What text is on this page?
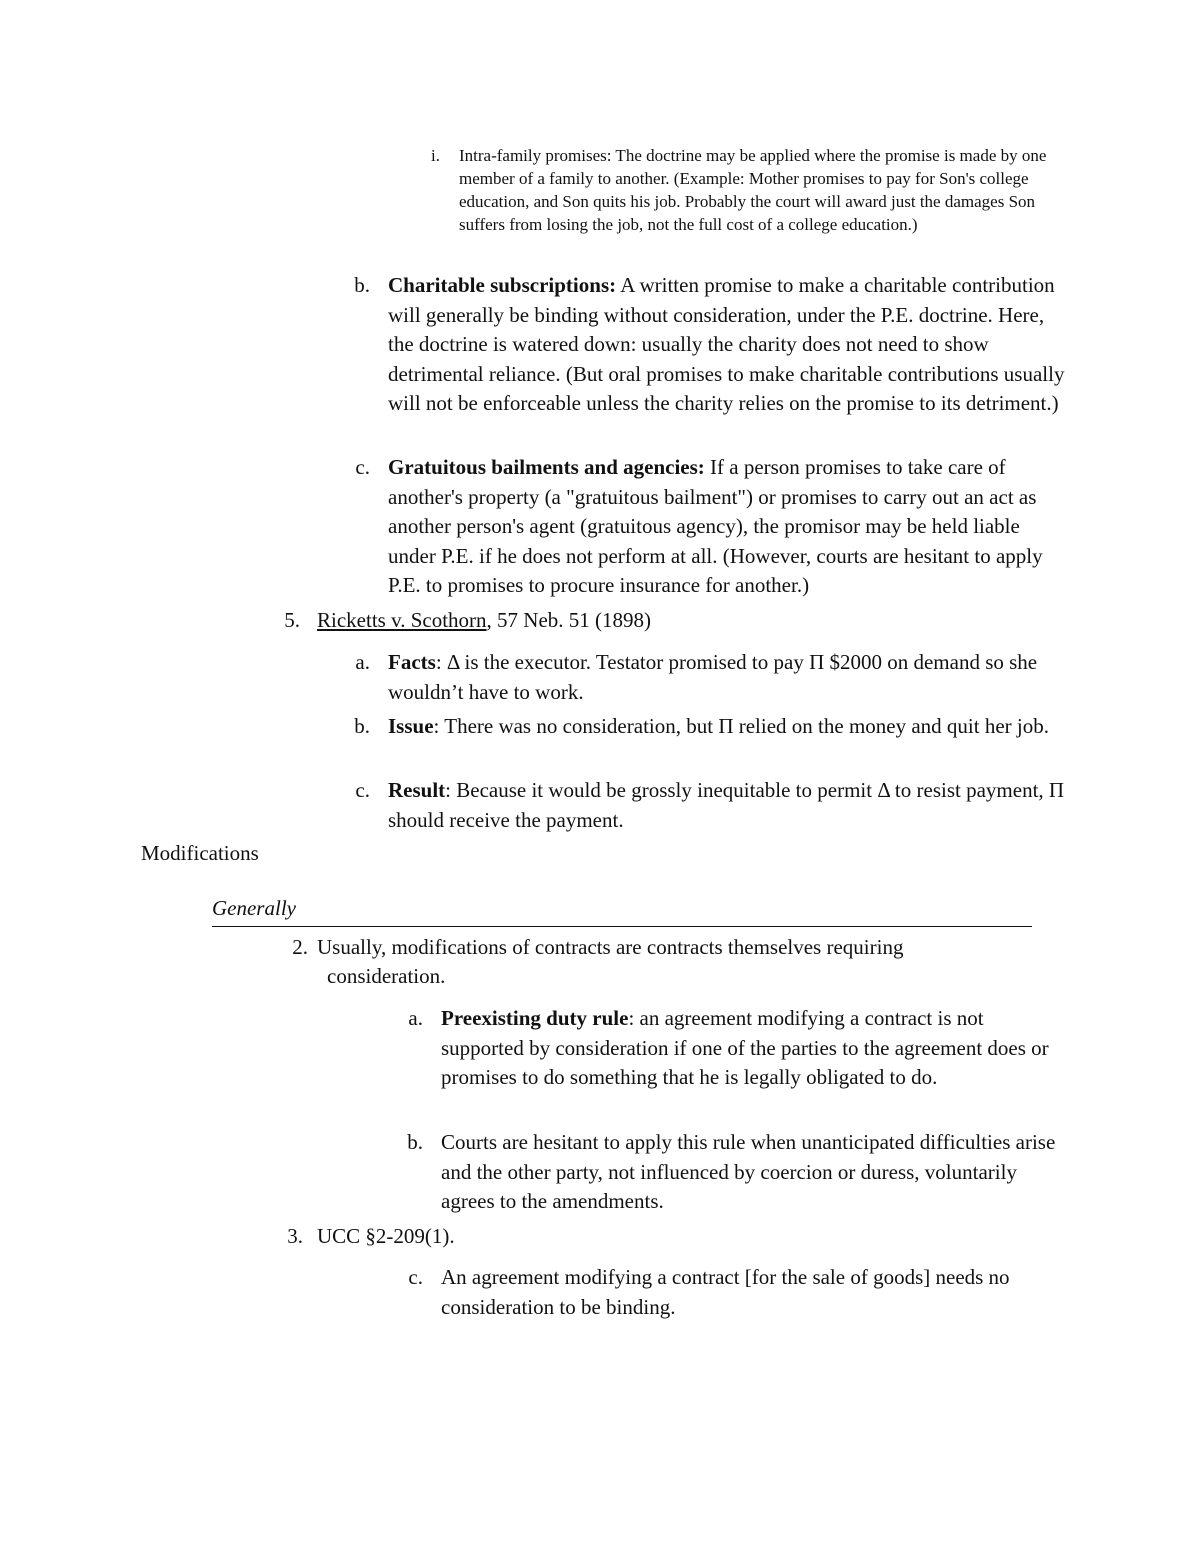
i. Intra-family promises: The doctrine may be applied where the promise is made by one member of a family to another. (Example: Mother promises to pay for Son's college education, and Son quits his job. Probably the court will award just the damages Son suffers from losing the job, not the full cost of a college education.)
b. Charitable subscriptions: A written promise to make a charitable contribution will generally be binding without consideration, under the P.E. doctrine. Here, the doctrine is watered down: usually the charity does not need to show detrimental reliance. (But oral promises to make charitable contributions usually will not be enforceable unless the charity relies on the promise to its detriment.)
c. Gratuitous bailments and agencies: If a person promises to take care of another's property (a "gratuitous bailment") or promises to carry out an act as another person's agent (gratuitous agency), the promisor may be held liable under P.E. if he does not perform at all. (However, courts are hesitant to apply P.E. to promises to procure insurance for another.)
5. Ricketts v. Scothorn, 57 Neb. 51 (1898)
a. Facts: Δ is the executor. Testator promised to pay Π $2000 on demand so she wouldn’t have to work.
b. Issue: There was no consideration, but Π relied on the money and quit her job.
c. Result: Because it would be grossly inequitable to permit Δ to resist payment, Π should receive the payment.
Modifications
Generally
2. Usually, modifications of contracts are contracts themselves requiring
consideration.
a. Preexisting duty rule: an agreement modifying a contract is not supported by consideration if one of the parties to the agreement does or promises to do something that he is legally obligated to do.
b. Courts are hesitant to apply this rule when unanticipated difficulties arise and the other party, not influenced by coercion or duress, voluntarily agrees to the amendments.
3. UCC §2-209(1).
c. An agreement modifying a contract [for the sale of goods] needs no consideration to be binding.
